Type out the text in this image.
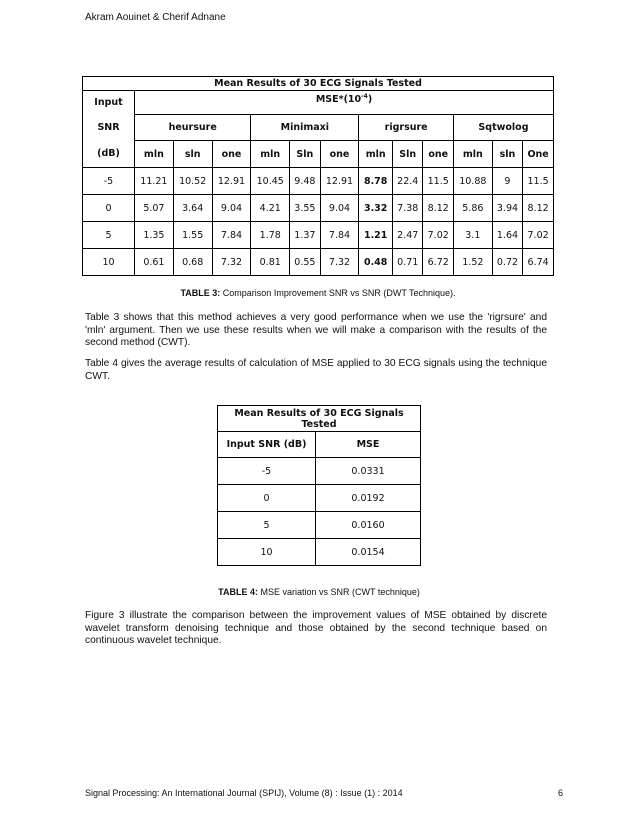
Akram Aouinet & Cherif Adnane
Mean Results of 30 ECG Signals Tested												
Input	$MSE*(10^{-4})$											
SNR	heursure			Minimaxi			rigrsure			Sqtwolog		
(dB)	mln	sln	one	mln	Sln	one	mln	Sln	one	mln	sln	One
-5	11.21	10.52	12.91	10.45	9.48	12.91	8.78	22.4	11.5	10.88	9	11.5
0	5.07	3.64	9.04	4.21	3.55	9.04	3.32	7.38	8.12	5.86	3.94	8.12
5	1.35	1.55	7.84	1.78	1.37	7.84	1.21	2.47	7.02	3.1	1.64	7.02
10	0.61	0.68	7.32	0.81	0.55	7.32	0.48	0.71	6.72	1.52	0.72	6.74
TABLE 3: Comparison Improvement SNR vs SNR (DWT Technique).
Table 3 shows that this method achieves a very good performance when we use the 'rigrsure' and 'mln' argument. Then we use these results when we will make a comparison with the results of the second method (CWT).
Table 4 gives the average results of calculation of MSE applied to 30 ECG signals using the technique CWT.
Mean Results of 30 ECG Signals Tested	
Input SNR (dB)	MSE
-5	0.0331
0	0.0192
5	0.0160
10	0.0154
TABLE 4: MSE variation vs SNR (CWT technique)
Figure 3 illustrate the comparison between the improvement values of MSE obtained by discrete wavelet transform denoising technique and those obtained by the second technique based on continuous wavelet technique.
Signal Processing: An International Journal (SPIJ), Volume (8) : Issue (1) : 2014	6
